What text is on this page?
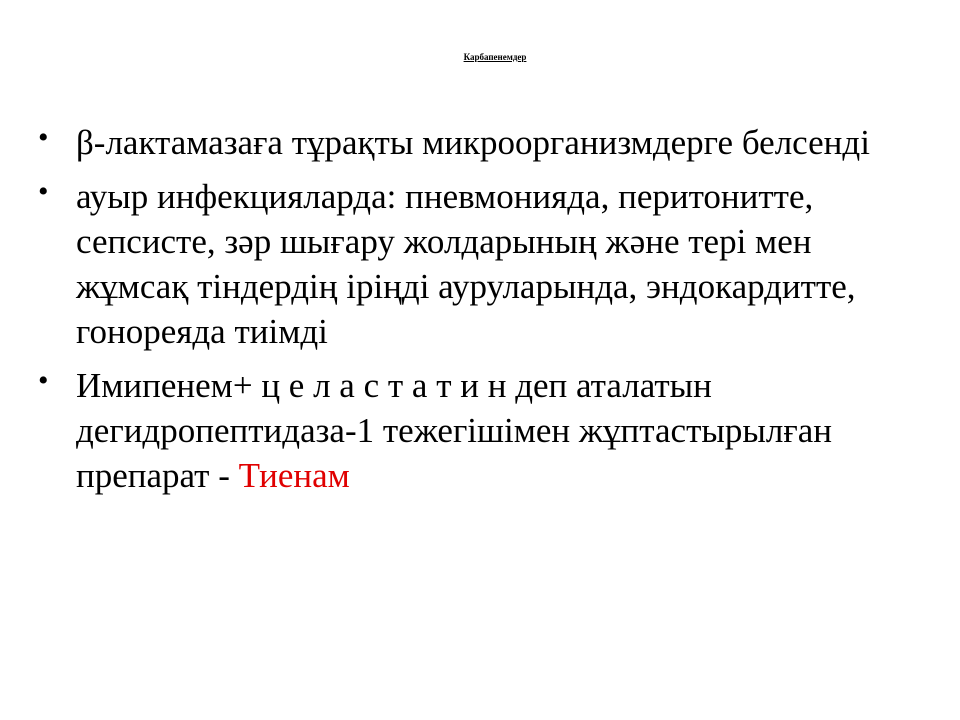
Карбапенемдер
• β-лактамазаға тұрақты микроорганизмдерге белсенді
• ауыр инфекцияларда: пневмонияда, перитонитте, сепсисте, зәр шығару жолдарының және тері мен жұмсақ тіндердің іріңді ауруларында, эндокардитте, гонореяда тиімді
• Имипенем+ ц е л а с т а т и н деп аталатын дегидропептидаза-1 тежегішімен жұптастырылған препарат - Тиенам
